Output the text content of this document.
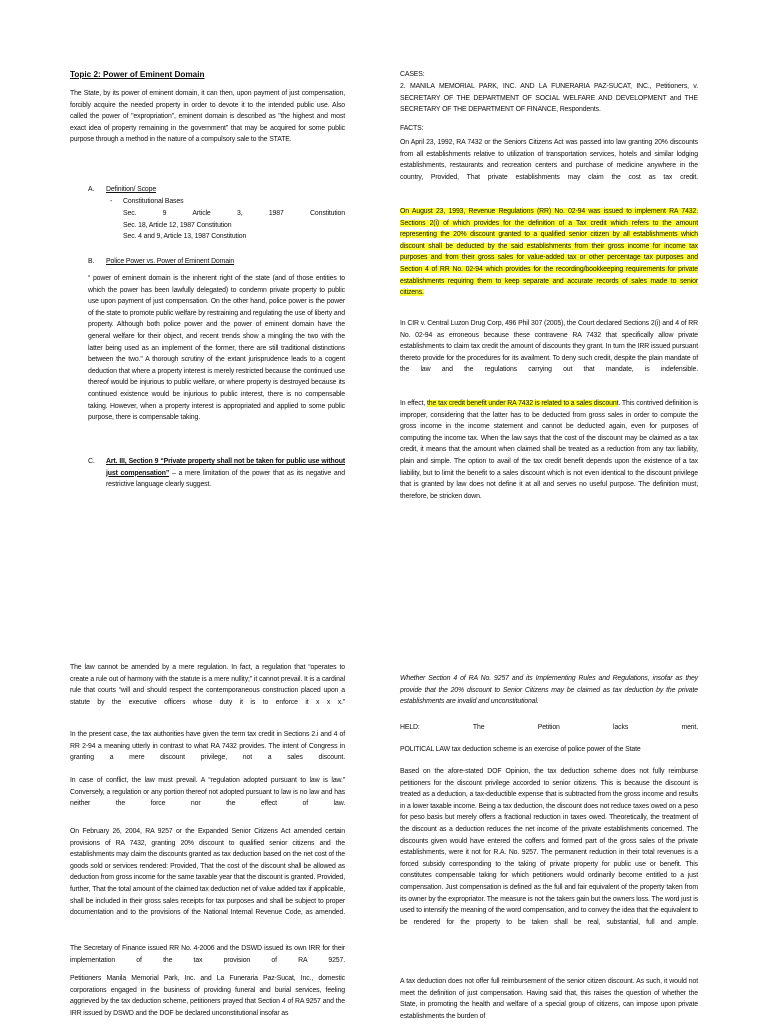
Topic 2: Power of Eminent Domain

The State, by its power of eminent domain, it can then, upon payment of just compensation, forcibly acquire the needed property in order to devote it to the intended public use. Also called the power of "expropriation", eminent domain is described as "the highest and most exact idea of property remaining in the government" that may be acquired for some public purpose through a method in the nature of a compulsory sale to the STATE.

A.	Definition/ Scope
-	Constitutional Bases

Sec. 9 Article 3, 1987 Constitution

Sec. 18, Article 12, 1987 Constitution

Sec. 4 and 9, Article 13, 1987 Constitution

B.	Police Power vs. Power of Eminent Domain

“ power of eminent domain is the inherent right of the state (and of those entities to which the power has been lawfully delegated) to condemn private property to public use upon payment of just compensation. On the other hand, police power is the power of the state to promote public welfare by restraining and regulating the use of liberty and property. Although both police power and the power of eminent domain have the general welfare for their object, and recent trends show a mingling the two with the latter being used as an implement of the former, there are still traditional distinctions between the two.” A thorough scrutiny of the extant jurisprudence leads to a cogent deduction that where a property interest is merely restricted because the continued use thereof would be injurious to public welfare, or where property is destroyed because its continued existence would be injurious to public interest, there is no compensable taking. However, when a property interest is appropriated and applied to some public purpose, there is compensable taking.

C.	Art. III, Section 9 “Private property shall not be taken for public use without just compensation” – a mere limitation of the power that as its negative and restrictive language clearly suggest.

CASES:

2. MANILA MEMORIAL PARK, INC. AND LA FUNERARIA PAZ-SUCAT, INC., Petitioners, v. SECRETARY OF THE DEPARTMENT OF SOCIAL WELFARE AND DEVELOPMENT and THE SECRETARY OF THE DEPARTMENT OF FINANCE, Respondents.

FACTS:

On April 23, 1992, RA 7432 or the Seniors Citizens Act was passed into law granting 20% discounts from all establishments relative to utilization of transportation services, hotels and similar lodging establishments, restaurants and recreation centers and purchase of medicine anywhere in the country, Provided, That private establishments may claim the cost as tax credit.

On August 23, 1993, Revenue Regulations (RR) No. 02-94 was issued to implement RA 7432. Sections 2(i) of which provides for the definition of a Tax credit which refers to the amount representing the 20% discount granted to a qualified senior citizen by all establishments which discount shall be deducted by the said establishments from their gross income for income tax purposes and from their gross sales for value-added tax or other percentage tax purposes and Section 4 of RR No. 02-94 which provides for the recording/bookkeeping requirements for private establishments requiring them to keep separate and accurate records of sales made to senior citizens.

In CIR v. Central Luzon Drug Corp, 496 Phil 307 (2005), the Court declared Sections 2(i) and 4 of RR No. 02-94 as erroneous because these contravene RA 7432 that specifically allow private establishments to claim tax credit the amount of discounts they grant. In turn the IRR issued pursuant thereto provide for the procedures for its availment. To deny such credit, despite the plain mandate of the law and the regulations carrying out that mandate, is indefensible.

In effect, the tax credit benefit under RA 7432 is related to a sales discount. This contrived definition is improper, considering that the latter has to be deducted from gross sales in order to compute the gross income in the income statement and cannot be deducted again, even for purposes of computing the income tax. When the law says that the cost of the discount may be claimed as a tax credit, it means that the amount when claimed shall be treated as a reduction from any tax liability, plain and simple. The option to avail of the tax credit benefit depends upon the existence of a tax liability, but to limit the benefit to a sales discount which is not even identical to the discount privilege that is granted by law does not define it at all and serves no useful purpose. The definition must, therefore, be stricken down.

The law cannot be amended by a mere regulation. In fact, a regulation that “operates to create a rule out of harmony with the statute is a mere nullity;” it cannot prevail. It is a cardinal rule that courts “will and should respect the contemporaneous construction placed upon a statute by the executive officers whose duty it is to enforce it x x x.”

In the present case, the tax authorities have given the term tax credit in Sections 2.i and 4 of RR 2-94 a meaning utterly in contrast to what RA 7432 provides. The intent of Congress in granting a mere discount privilege, not a sales discount.

In case of conflict, the law must prevail. A “regulation adopted pursuant to law is law.” Conversely, a regulation or any portion thereof not adopted pursuant to law is no law and has neither the force nor the effect of law.

On February 26, 2004, RA 9257 or the Expanded Senior Citizens Act amended certain provisions of RA 7432, granting 20% discount to qualified senior citizens and the establishments may claim the discounts granted as tax deduction based on the net cost of the goods sold or services rendered: Provided, That the cost of the discount shall be allowed as deduction from gross income for the same taxable year that the discount is granted. Provided, further, That the total amount of the claimed tax deduction net of value added tax if applicable, shall be included in their gross sales receipts for tax purposes and shall be subject to proper documentation and to the provisions of the National Internal Revenue Code, as amended.

The Secretary of Finance issued RR No. 4-2006 and the DSWD issued its own IRR for their implementation of the tax provision of RA 9257.

Petitioners Manila Memorial Park, Inc. and La Funeraria Paz-Sucat, Inc., domestic corporations engaged in the business of providing funeral and burial services, feeling aggrieved by the tax deduction scheme, petitioners prayed that Section 4 of RA 9257 and the IRR issued by DSWD and the DOF be declared unconstitutional insofar as

Whether Section 4 of RA No. 9257 and its Implementing Rules and Regulations, insofar as they provide that the 20% discount to Senior Citizens may be claimed as tax deduction by the private establishments are invalid and unconstitutional.

HELD: The Petition lacks merit.

POLITICAL LAW tax deduction scheme is an exercise of police power of the State

Based on the afore-stated DOF Opinion, the tax deduction scheme does not fully reimburse petitioners for the discount privilege accorded to senior citizens. This is because the discount is treated as a deduction, a tax-deductible expense that is subtracted from the gross income and results in a lower taxable income. Being a tax deduction, the discount does not reduce taxes owed on a peso for peso basis but merely offers a fractional reduction in taxes owed. Theoretically, the treatment of the discount as a deduction reduces the net income of the private establishments concerned. The discounts given would have entered the coffers and formed part of the gross sales of the private establishments, were it not for R.A. No. 9257. The permanent reduction in their total revenues is a forced subsidy corresponding to the taking of private property for public use or benefit. This constitutes compensable taking for which petitioners would ordinarily become entitled to a just compensation. Just compensation is defined as the full and fair equivalent of the property taken from its owner by the expropriator. The measure is not the takers gain but the owners loss. The word just is used to intensify the meaning of the word compensation, and to convey the idea that the equivalent to be rendered for the property to be taken shall be real, substantial, full and ample.

A tax deduction does not offer full reimbursement of the senior citizen discount. As such, it would not meet the definition of just compensation. Having said that, this raises the question of whether the State, in promoting the health and welfare of a special group of citizens, can impose upon private establishments the burden of
